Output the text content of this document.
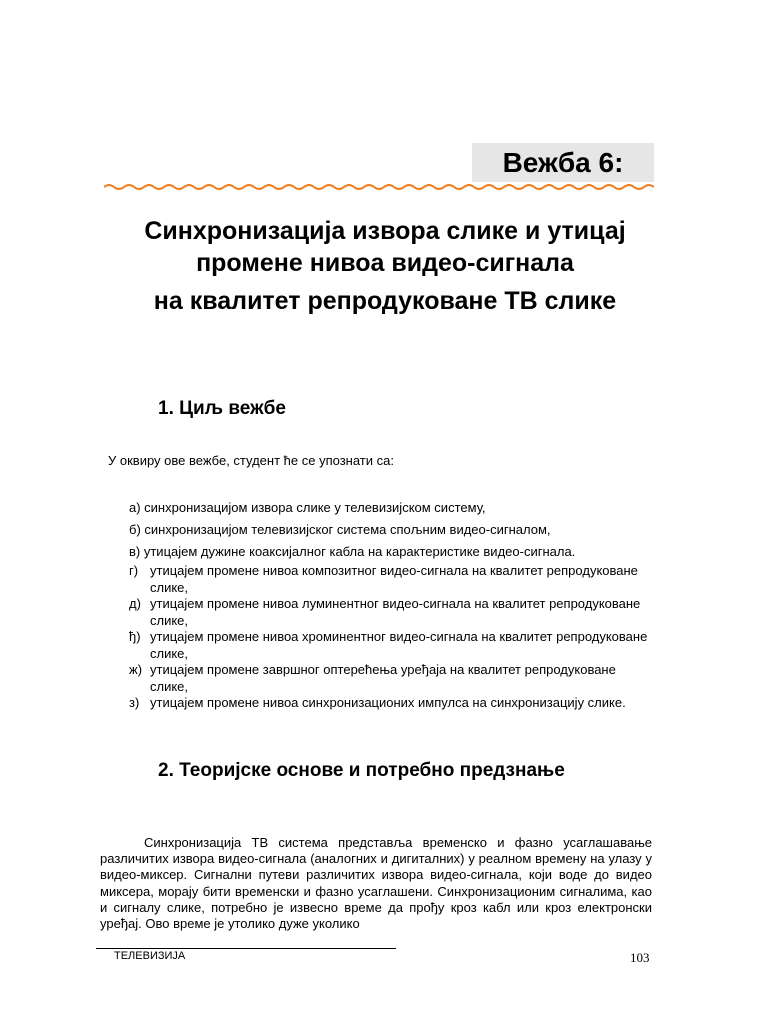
Вежба 6:
Синхронизација извора слике и утицај
промене нивоа видео-сигнала
на квалитет репродуковане ТВ слике
1. Циљ вежбе
У оквиру ове вежбе, студент ће се упознати са:
а) синхронизацијом извора слике у телевизијском систему,
б) синхронизацијом телевизијског система спољним видео-сигналом,
в) утицајем дужине коаксијалног кабла на карактеристике видео-сигнала.
г) утицајем промене нивоа композитног видео-сигнала на квалитет репродуковане слике,
д) утицајем промене нивоа луминентног видео-сигнала на квалитет репродуковане слике,
ђ) утицајем промене нивоа хроминентног видео-сигнала на квалитет репродуковане слике,
ж) утицајем промене завршног оптерећења уређаја на квалитет репродуковане слике,
з) утицајем промене нивоа синхронизационих импулса на синхронизацију слике.
2. Теоријске основе и потребно предзнање

Синхронизација ТВ система представља временско и фазно усаглашавање различитих извора видео-сигнала (аналогних и дигиталних) у реалном времену на улазу у видео-миксер. Сигнални путеви различитих извора видео-сигнала, који воде до видео миксера, морају бити временски и фазно усаглашени. Синхронизационим сигналима, као и сигналу слике, потребно је извесно време да прођу кроз кабл или кроз електронски уређај. Ово време је утолико дуже уколико

ТЕЛЕВИЗИЈА	103
